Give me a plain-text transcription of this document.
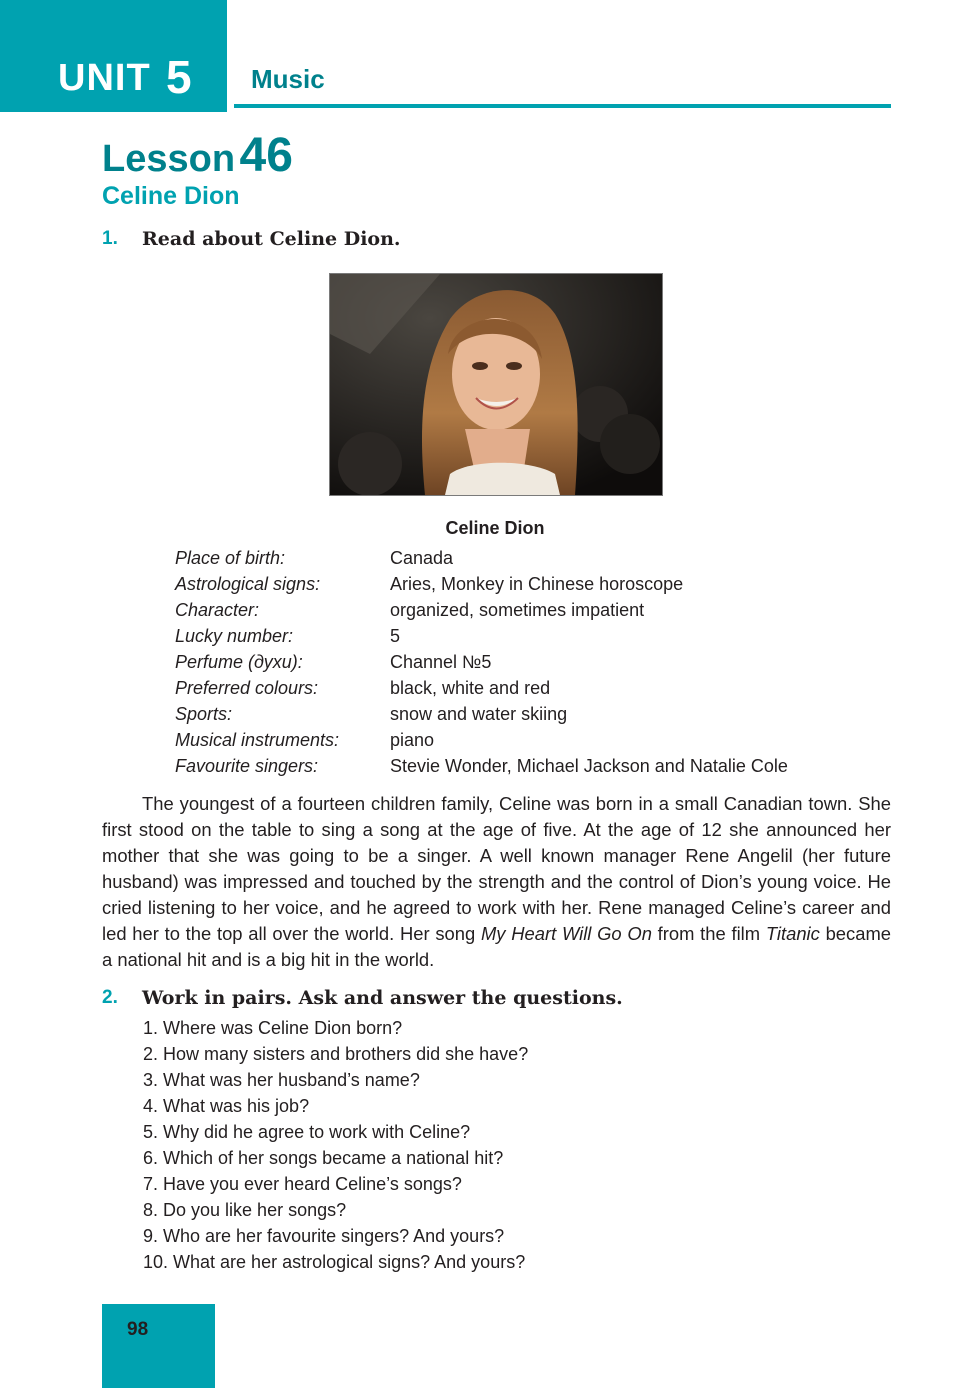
UNIT 5 Music
Lesson 46
Celine Dion
1. Read about Celine Dion.
Celine Dion
Place of birth:	Canada
Astrological signs:	Aries, Monkey in Chinese horoscope
Character:	organized, sometimes impatient
Lucky number:	5
Perfume (духи):	Channel №5
Preferred colours:	black, white and red
Sports:	snow and water skiing
Musical instruments:	piano
Favourite singers:	Stevie Wonder, Michael Jackson and Natalie Cole
The youngest of a fourteen children family, Celine was born in a small Canadian town. She first stood on the table to sing a song at the age of five. At the age of 12 she announced her mother that she was going to be a singer. A well known manager Rene Angelil (her future husband) was impressed and touched by the strength and the control of Dion’s young voice. He cried listening to her voice, and he agreed to work with her. Rene managed Celine’s career and led her to the top all over the world. Her song My Heart Will Go On from the film Titanic became a national hit and is a big hit in the world.
2. Work in pairs. Ask and answer the questions.
1. Where was Celine Dion born?
2. How many sisters and brothers did she have?
3. What was her husband’s name?
4. What was his job?
5. Why did he agree to work with Celine?
6. Which of her songs became a national hit?
7. Have you ever heard Celine’s songs?
8. Do you like her songs?
9. Who are her favourite singers? And yours?
10. What are her astrological signs? And yours?
98
